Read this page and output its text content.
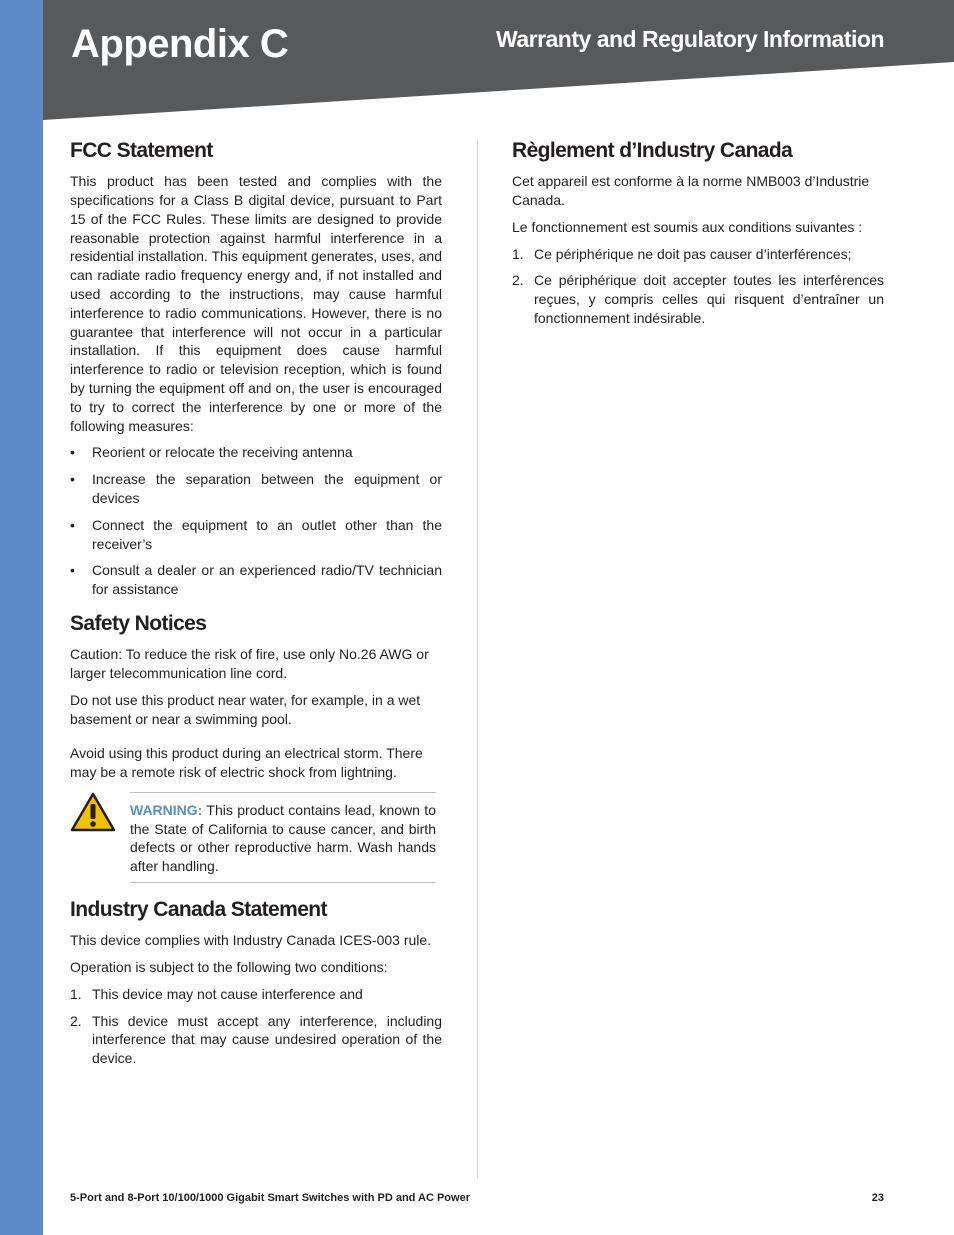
Appendix C	Warranty and Regulatory Information
FCC Statement

This product has been tested and complies with the specifications for a Class B digital device, pursuant to Part 15 of the FCC Rules. These limits are designed to provide reasonable protection against harmful interference in a residential installation. This equipment generates, uses, and can radiate radio frequency energy and, if not installed and used according to the instructions, may cause harmful interference to radio communications. However, there is no guarantee that interference will not occur in a particular installation. If this equipment does cause harmful interference to radio or television reception, which is found by turning the equipment off and on, the user is encouraged to try to correct the interference by one or more of the following measures:

• Reorient or relocate the receiving antenna
• Increase the separation between the equipment or devices
• Connect the equipment to an outlet other than the receiver’s
• Consult a dealer or an experienced radio/TV technician for assistance
Safety Notices

Caution: To reduce the risk of fire, use only No.26 AWG or larger telecommunication line cord.

Do not use this product near water, for example, in a wet basement or near a swimming pool.

Avoid using this product during an electrical storm. There may be a remote risk of electric shock from lightning.

WARNING: This product contains lead, known to the State of California to cause cancer, and birth defects or other reproductive harm. Wash hands after handling.
Industry Canada Statement

This device complies with Industry Canada ICES-003 rule.

Operation is subject to the following two conditions:

1. This device may not cause interference and
2. This device must accept any interference, including interference that may cause undesired operation of the device.
Règlement d’Industry Canada

Cet appareil est conforme à la norme NMB003 d’Industrie Canada.

Le fonctionnement est soumis aux conditions suivantes :

1. Ce périphérique ne doit pas causer d’interférences;
2. Ce périphérique doit accepter toutes les interférences reçues, y compris celles qui risquent d’entraîner un fonctionnement indésirable.
5-Port and 8-Port 10/100/1000 Gigabit Smart Switches with PD and AC Power	23
